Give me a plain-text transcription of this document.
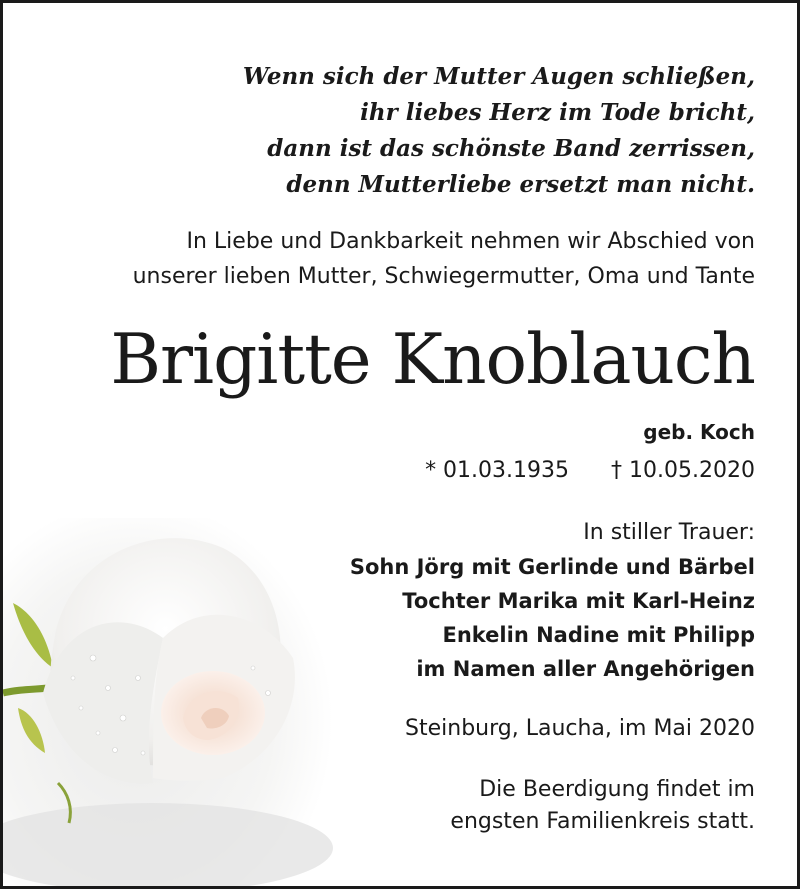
Wenn sich der Mutter Augen schließen,
ihr liebes Herz im Tode bricht,
dann ist das schönste Band zerrissen,
denn Mutterliebe ersetzt man nicht.
In Liebe und Dankbarkeit nehmen wir Abschied von
unserer lieben Mutter, Schwiegermutter, Oma und Tante
Brigitte Knoblauch
geb. Koch
* 01.03.1935 † 10.05.2020
In stiller Trauer:
Sohn Jörg mit Gerlinde und Bärbel
Tochter Marika mit Karl-Heinz
Enkelin Nadine mit Philipp
im Namen aller Angehörigen
Steinburg, Laucha, im Mai 2020
Die Beerdigung findet im
engsten Familienkreis statt.
